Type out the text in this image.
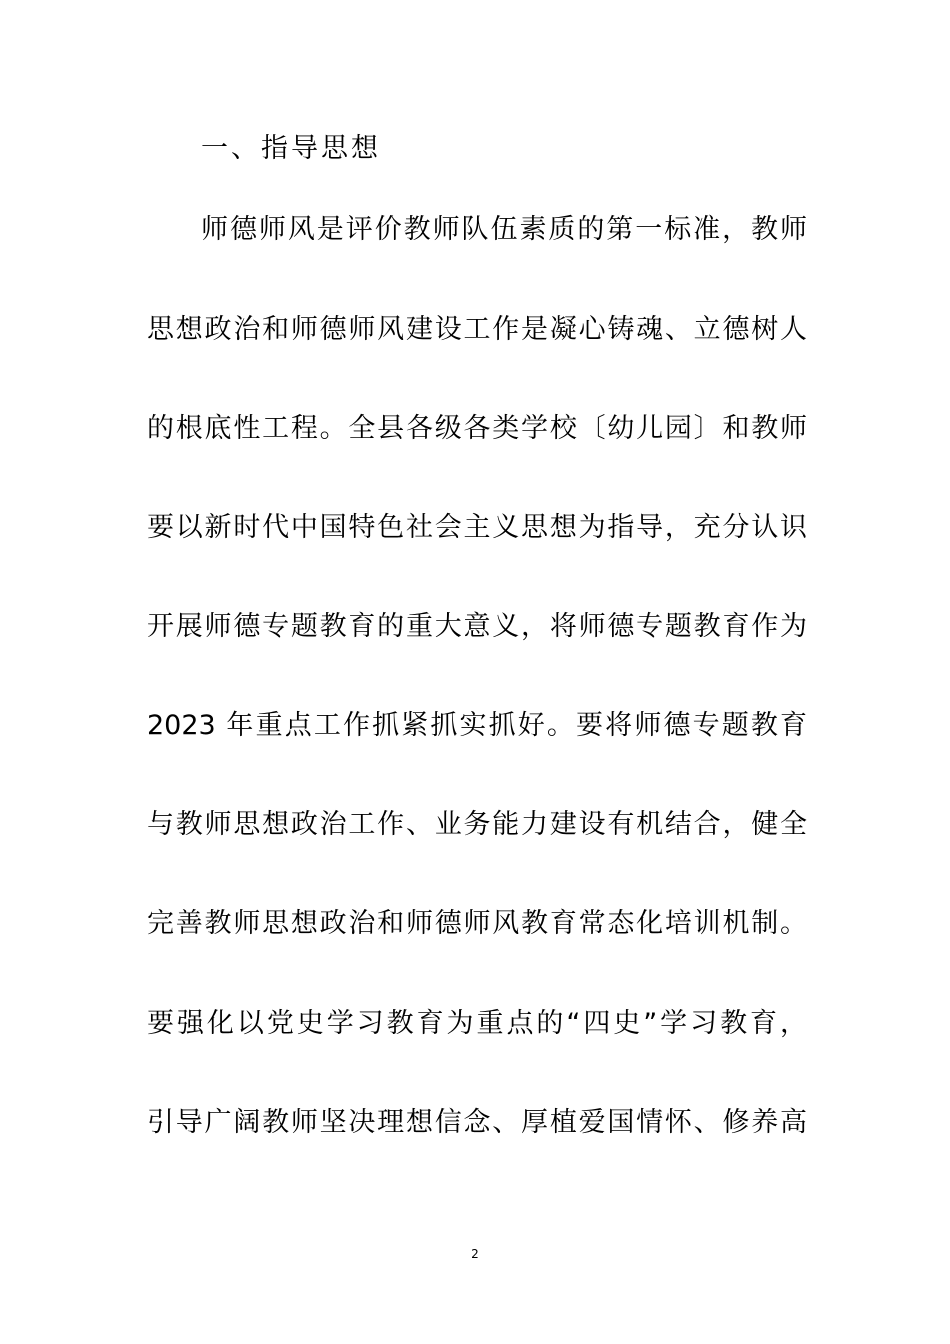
一、指导思想
师德师风是评价教师队伍素质的第一标准，教师
思想政治和师德师风建设工作是凝心铸魂、立德树人
的根底性工程。全县各级各类学校〔幼儿园〕和教师
要以新时代中国特色社会主义思想为指导，充分认识
开展师德专题教育的重大意义，将师德专题教育作为
2023 年重点工作抓紧抓实抓好。要将师德专题教育
与教师思想政治工作、业务能力建设有机结合，健全
完善教师思想政治和师德师风教育常态化培训机制。
要强化以党史学习教育为重点的“四史”学习教育，
引导广阔教师坚决理想信念、厚植爱国情怀、修养高
2
